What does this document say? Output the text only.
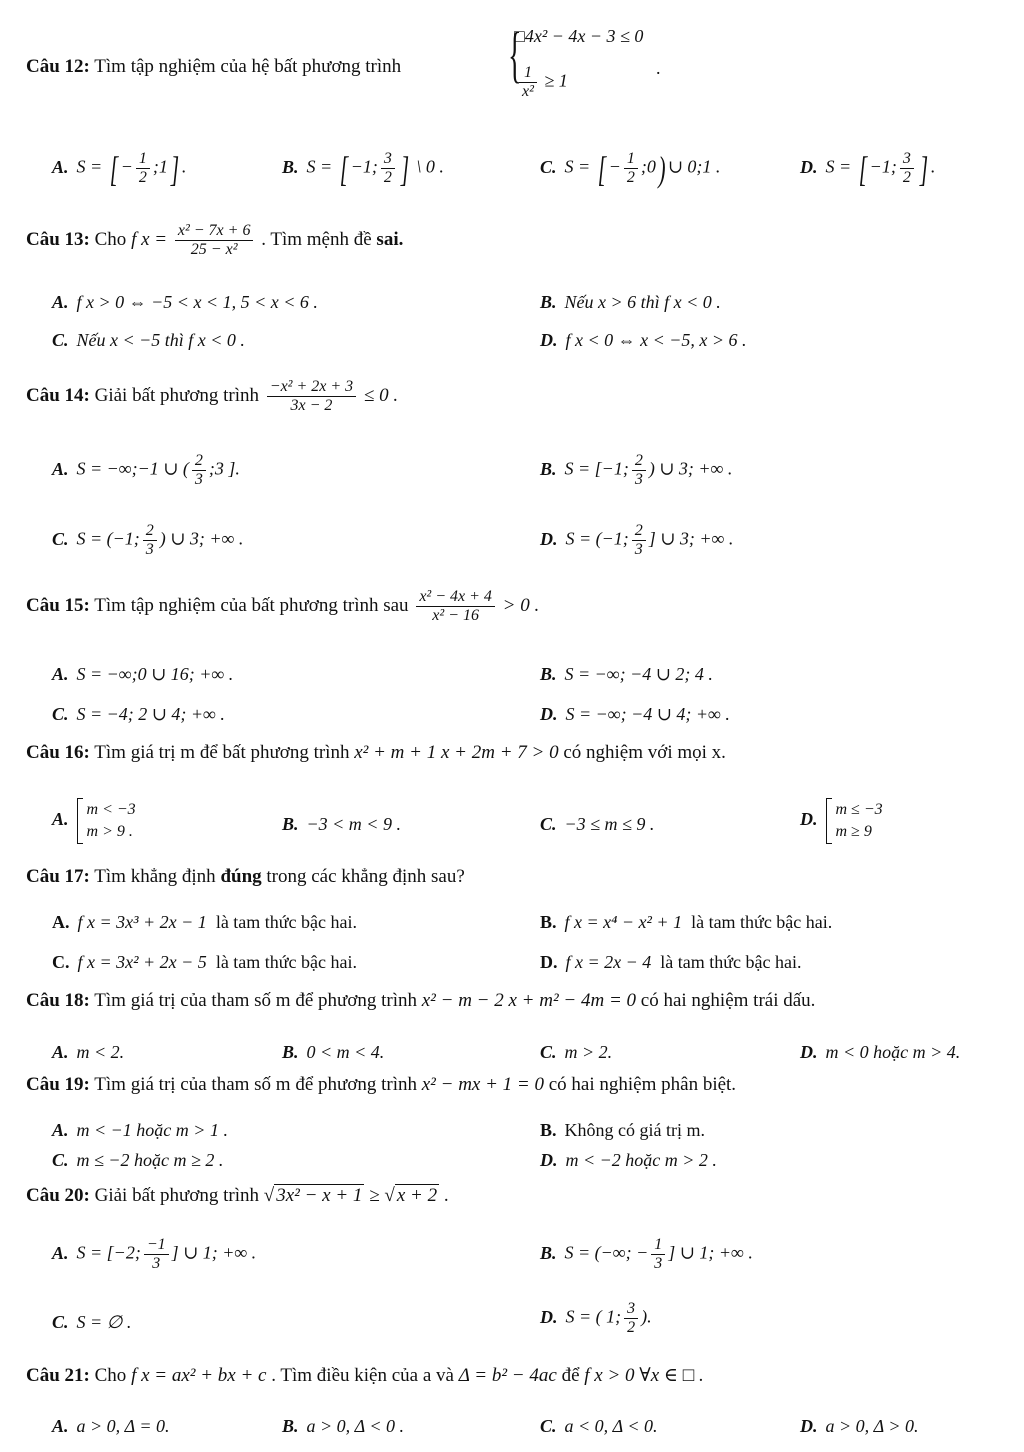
Câu 12: Tìm tập nghiệm của hệ bất phương trình {
□4x² − 4x − 3 ≤ 0
$\frac{1}{\text{x²}} \ge 1$
.
A. S = [ − $\frac{1}{2}$ ;1] .	B. S = [ −1; $\frac{3}{2}$ ] \ 0 .	C. S = [ − $\frac{1}{2}$ ;0) ∪ 0;1 .	D. S = [ −1; $\frac{3}{2}$ ] .
Câu 13: Cho f $x = \frac{\text{x² − 7x + 6}}{\text{25 − x²}}$ . Tìm mệnh đề sai.
A. f x > 0 ⇔ −5 < x < 1, 5 < x < 6 .	B. Nếu x > 6 thì f x < 0 .
C. Nếu x < −5 thì f x < 0 .	D. f x < 0 ⇔ x < −5, x > 6 .
Câu 14: Giải bất phương trình $\frac{\text{−x² + 2x + 3}}{3x - 2} \le 0$ .
A. S = −∞;−1 ∪ ( $\frac{2}{3}$ ;3 ].	B. S = [−1; $\frac{2}{3}$ ) ∪ 3; +∞ .
C. S = (−1; $\frac{2}{3}$ ) ∪ 3; +∞ .	D. S = (−1; $\frac{2}{3}$ ] ∪ 3; +∞ .
Câu 15: Tìm tập nghiệm của bất phương trình sau $\frac{\text{x² − 4x + 4}}{\text{x² − 16}} > 0$ .
A. S = −∞;0 ∪ 16; +∞ .	B. S = −∞; −4 ∪ 2; 4 .
C. S = −4; 2 ∪ 4; +∞ .	D. S = −∞; −4 ∪ 4; +∞ .
Câu 16: Tìm giá trị m để bất phương trình x² + m + 1 x + 2m + 7 > 0 có nghiệm với mọi x.
A. m < −3
m > 9 .	B. −3 < m < 9 .	C. −3 ≤ m ≤ 9 .	D. m ≤ −3
m ≥ 9
Câu 17: Tìm khẳng định đúng trong các khẳng định sau?
A. f x = 3x³ + 2x − 1 là tam thức bậc hai.	B. f x = x⁴ − x² + 1 là tam thức bậc hai.
C. f x = 3x² + 2x − 5 là tam thức bậc hai.	D. f x = 2x − 4 là tam thức bậc hai.
Câu 18: Tìm giá trị của tham số m để phương trình x² − m − 2 x + m² − 4m = 0 có hai nghiệm trái dấu.
A. m < 2.	B. 0 < m < 4.	C. m > 2.	D. m < 0 hoặc m > 4.
Câu 19: Tìm giá trị của tham số m để phương trình x² − mx + 1 = 0 có hai nghiệm phân biệt.
A. m < −1 hoặc m > 1 .	B. Không có giá trị m.
C. m ≤ −2 hoặc m ≥ 2 .	D. m < −2 hoặc m > 2 .
Câu 20: Giải bất phương trình √ 3x² − x + 1 ≥ √ x + 2 .
A. S = [−2; $\frac{-1}{3}$ ] ∪ 1; +∞ .	B. S = (−∞; − $\frac{1}{3}$ ] ∪ 1; +∞ .
C. S = ∅ .	D. S = ( 1; $\frac{3}{2}$ ).
Câu 21: Cho f x = ax² + bx + c . Tìm điều kiện của a và Δ = b² − 4ac để f x > 0 ∀x ∈ □ .
A. a > 0, Δ = 0.	B. a > 0, Δ < 0 .	C. a < 0, Δ < 0.	D. a > 0, Δ > 0.
